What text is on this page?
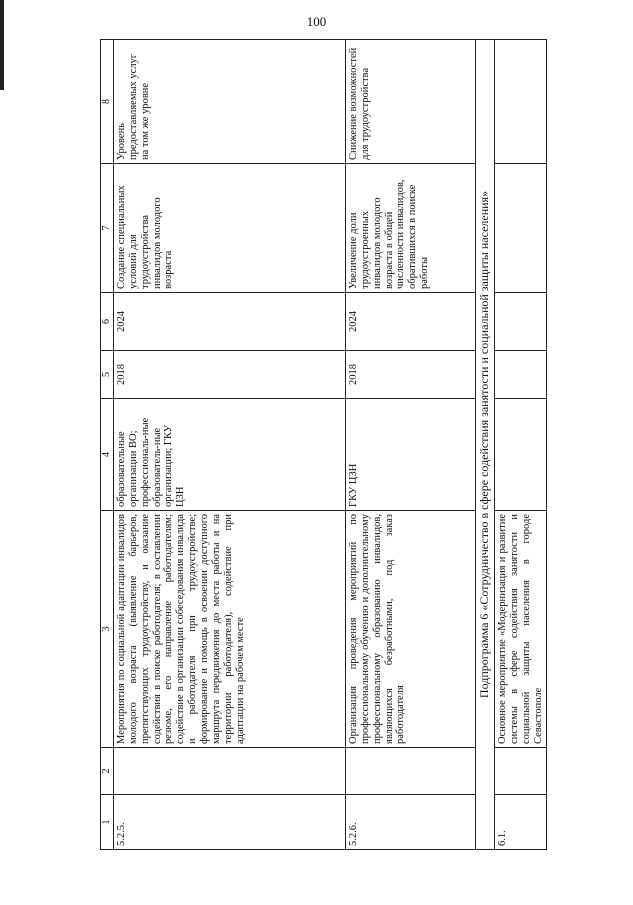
100
1	2	3	4	5	6	7	8
5.2.5.		Мероприятия по социальной адаптации инвалидов молодого возраста (выявление барьеров, препятствующих трудоустройству, и оказание содействия в поиске работодателя; в составлении резюме, его направление работодателям; содействие в организации собеседования инвалида и работодателя при трудоустройстве; формирование и помощь в освоении доступного маршрута передвижения до места работы и на территории работодателя), содействие при адаптации на рабочем месте	образовательные организации ВО; профессиональ-ные образователь-ные организации; ГКУ ЦЗН	2018	2024	Создание специальных условий для трудоустройства инвалидов молодого возраста	Уровень предоставляемых услуг на том же уровне
5.2.6.		Организация проведения мероприятий по профессиональному обучению и дополнительному профессиональному образованию инвалидов, являющихся безработными, под заказ работодателя	ГКУ ЦЗН	2018	2024	Увеличение доли трудоустроенных инвалидов молодого возраста в общей численности инвалидов, обратившихся в поиске работы	Снижение возможностей для трудоустройства
Подпрограмма 6 «Сотрудничество в сфере содействия занятости и социальной защиты населения»							
6.1.		Основное мероприятие «Модернизация и развитие системы в сфере содействия занятости и социальной защиты населения в городе Севастополе					
